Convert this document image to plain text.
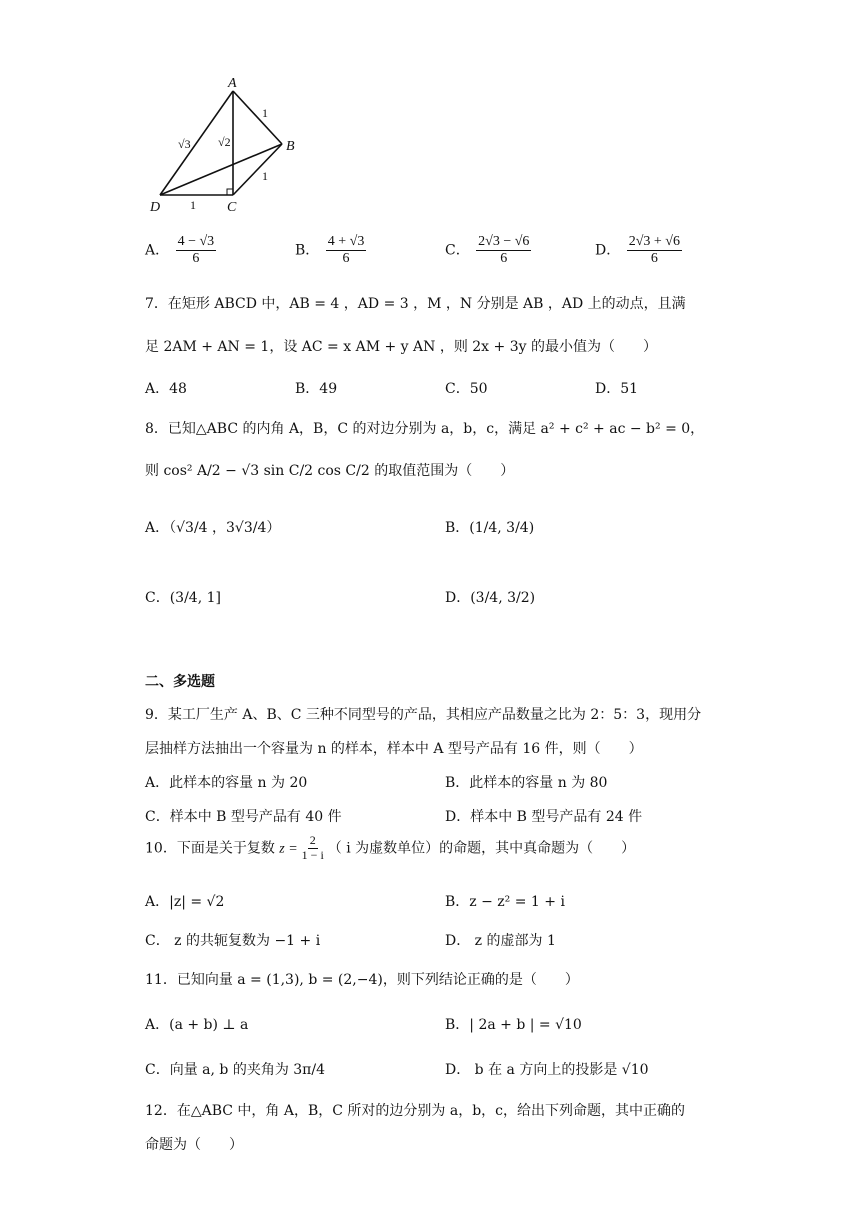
A
B
C
D
√3 √2
1
1
1
A． $\frac{4 - √3}{6}$	B． $\frac{4 + √3}{6}$	C． $\frac{2√3 - √6}{6}$	D． $\frac{2√3 + √6}{6}$
7．在矩形 ABCD 中，AB = 4 ，AD = 3 ，M ，N 分别是 AB ，AD 上的动点，且满
足 2AM + AN = 1，设 AC = x AM + y AN ，则 2x + 3y 的最小值为（　　）
A．48	B．49	C．50	D．51
8．已知△ABC 的内角 A，B，C 的对边分别为 a，b，c，满足 a² + c² + ac − b² = 0，
则 cos² A/2 − √3 sin C/2 cos C/2 的取值范围为（　　）
A．（√3/4 ，3√3/4）	B．(1/4, 3/4)
C．(3/4, 1]	D．(3/4, 3/2)
二、多选题
9．某工厂生产 A、B、C 三种不同型号的产品，其相应产品数量之比为 2：5：3，现用分
层抽样方法抽出一个容量为 n 的样本，样本中 A 型号产品有 16 件，则（　　）
A．此样本的容量 n 为 20	B．此样本的容量 n 为 80
C．样本中 B 型号产品有 40 件	D．样本中 B 型号产品有 24 件
10．下面是关于复数 $z = \frac{2}{1 - i}$ （ i 为虚数单位）的命题，其中真命题为（　　）
A．|z| = √2	B．z − z² = 1 + i
C． z 的共轭复数为 −1 + i	D． z 的虚部为 1
11．已知向量 a = (1,3), b = (2,−4)，则下列结论正确的是（　　）
A．(a + b) ⊥ a	B．| 2a + b | = √10
C．向量 a, b 的夹角为 3π/4	D． b 在 a 方向上的投影是 √10
12．在△ABC 中，角 A，B，C 所对的边分别为 a，b，c，给出下列命题，其中正确的
命题为（　　）
